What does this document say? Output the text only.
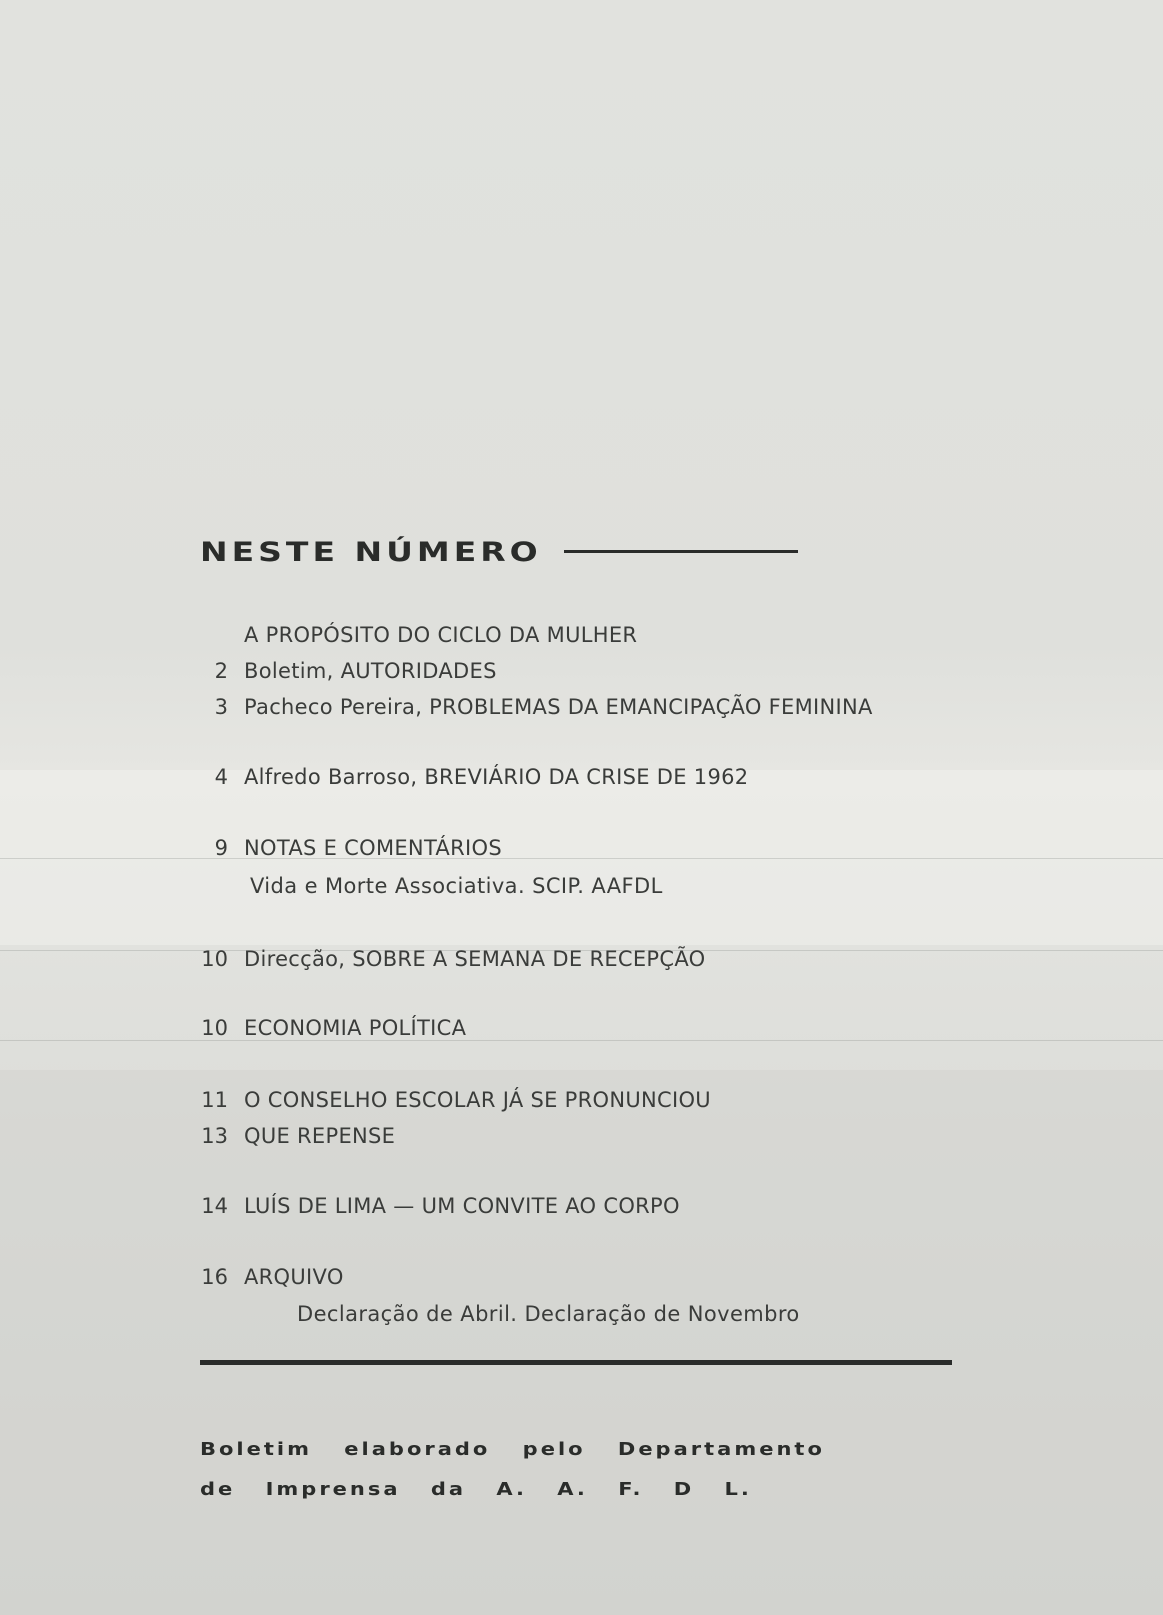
NESTE NÚMERO
A PROPÓSITO DO CICLO DA MULHER
2 Boletim, AUTORIDADES
3 Pacheco Pereira, PROBLEMAS DA EMANCIPAÇÃO FEMININA
4 Alfredo Barroso, BREVIÁRIO DA CRISE DE 1962
9 NOTAS E COMENTÁRIOS
Vida e Morte Associativa. SCIP. AAFDL
10 Direcção, SOBRE A SEMANA DE RECEPÇÃO
10 ECONOMIA POLÍTICA
11 O CONSELHO ESCOLAR JÁ SE PRONUNCIOU
13 QUE REPENSE
14 LUÍS DE LIMA — UM CONVITE AO CORPO
16 ARQUIVO
Declaração de Abril. Declaração de Novembro
Boletim elaborado pelo Departamento
de Imprensa da A. A. F. D L.
